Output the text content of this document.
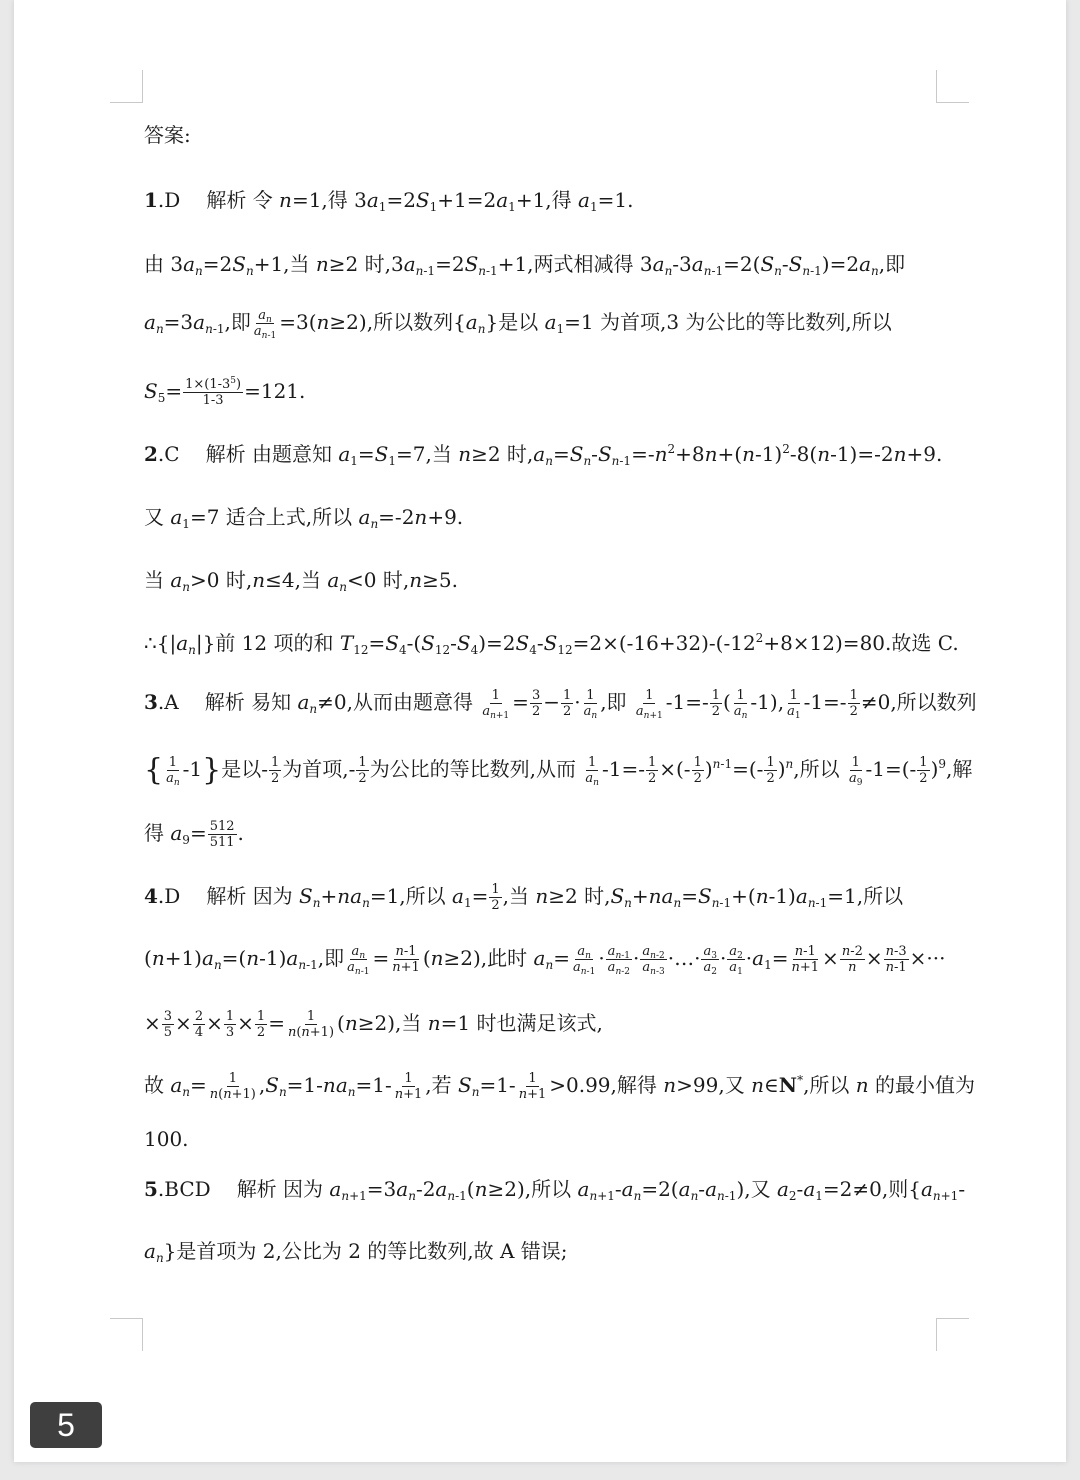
答案:
1.D 解析 令 n=1,得 $3a_1=2S_1+1=2a_1+1$,得 $a_1=1$.
由 $3a_n=2S_n+1$,当 n≥2 时$,3a_{n-1}=2S_{n-1}+1$,两式相减得 $3a_n-3a_{n-1}=2(S_n-S_{n-1})=2a_n$,即
$a_n=3a_{n-1}$,即 $\frac{a_n}{a_{n-1}} =3(n\ge 2)$,所以数列$\{a_n\}$是以 $a_1=1$ 为首项,3 为公比的等比数列,所以
$S_5= \frac{1\times(1-3^5)}{1-3} =121$.
2.C 解析 由题意知 $a_1=S_1=7$,当 n≥2 时$,a_n=S_n-S_{n-1}=-n^2+8n+(n-1)^2-8(n-1)=-2n+9$.
又 $a_1=7$ 适合上式,所以 $a_n=-2n+9$.
当 $a_n>0$ 时,n≤4,当 $a_n<0$ 时,n≥5.
$\therefore\{|a_n|\}$前 12 项的和 $T_{12}=S_4-(S_{12}-S_4)=2S_4-S_{12}=2\times(-16+32)-(-12^2+8\times 12)=80$.故选 C.
3.A 解析 易知 $a_n\ne 0$,从而由题意得 $\frac{1}{a_{n+1}} = \frac{3}{2} - \frac{1}{2} \cdot \frac{1}{a_n}$ ,即 $\frac{1}{a_{n+1}} -1=- \frac{1}{2}$ ( $\frac{1}{a_n} -1$), $\frac{1}{a_1} -1=- \frac{1}{2} \ne 0$,所以数列
{ $\frac{1}{a_n} -1$}是以- $\frac{1}{2}$ 为首项,- $\frac{1}{2}$ 为公比的等比数列,从而 $\frac{1}{a_n} -1=- \frac{1}{2}$ ×(- $\frac{1}{2} )^{n-1}=(- \frac{1}{2} )^n$,所以 $\frac{1}{a_9} -1=(- \frac{1}{2} )^9$,解
得 $a_9= \frac{512}{511}$ .
4.D 解析 因为 $S_n+na_n=1$,所以 $a_1= \frac{1}{2}$ ,当 n≥2 时$,S_n+na_n=S_{n-1}+(n-1)a_{n-1}=1$,所以
$(n+1)a_n=(n-1)a_{n-1}$,即 $\frac{a_n}{a_{n-1}} = \frac{n-1}{n+1} (n\ge 2)$,此时 $a_n= \frac{a_n}{a_{n-1}} \cdot \frac{a_{n-1}}{a_{n-2}} \cdot \frac{a_{n-2}}{a_{n-3}}$ ·…· $\frac{a_3}{a_2} \cdot \frac{a_2}{a_1} \cdot a_1= \frac{n-1}{n+1} \times \frac{n-2}{n} \times \frac{n-3}{n-1}$ ×···
× $\frac{3}{5} \times \frac{2}{4} \times \frac{1}{3} \times \frac{1}{2} = \frac{1}{n(n+1)} (n\ge 2)$,当 n=1 时也满足该式,
故 $a_n= \frac{1}{n(n+1)} ,S_n=1-na_n=1- \frac{1}{n+1}$ ,若 $S_n=1- \frac{1}{n+1} >0.99$,解得 n>99,又 n∈N*,所以 n 的最小值为
100.
5.BCD 解析 因为 $a_{n+1}=3a_n-2a_{n-1}(n\ge 2)$,所以 $a_{n+1}-a_n=2(a_n-a_{n-1})$,又 $a_2-a_1=2\ne 0$,则{$a_{n+1}-$
$a_n$}是首项为 2,公比为 2 的等比数列,故 A 错误;
5
